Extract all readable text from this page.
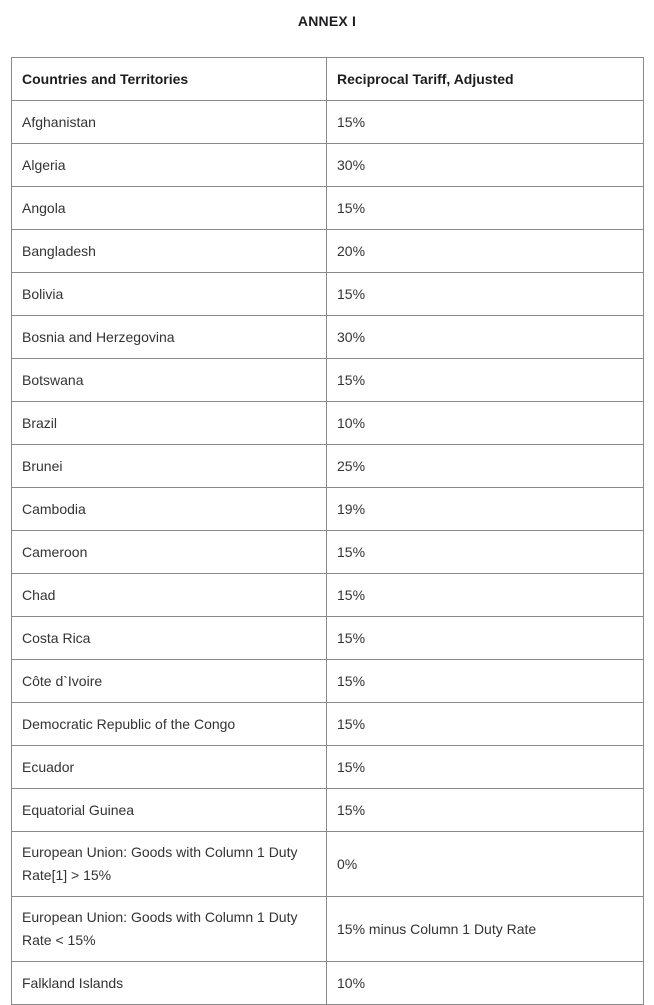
ANNEX I
Countries and Territories	Reciprocal Tariff, Adjusted
Afghanistan	15%
Algeria	30%
Angola	15%
Bangladesh	20%
Bolivia	15%
Bosnia and Herzegovina	30%
Botswana	15%
Brazil	10%
Brunei	25%
Cambodia	19%
Cameroon	15%
Chad	15%
Costa Rica	15%
Côte d`Ivoire	15%
Democratic Republic of the Congo	15%
Ecuador	15%
Equatorial Guinea	15%
European Union: Goods with Column 1 Duty Rate[1] > 15%	0%
European Union: Goods with Column 1 Duty Rate < 15%	15% minus Column 1 Duty Rate
Falkland Islands	10%
